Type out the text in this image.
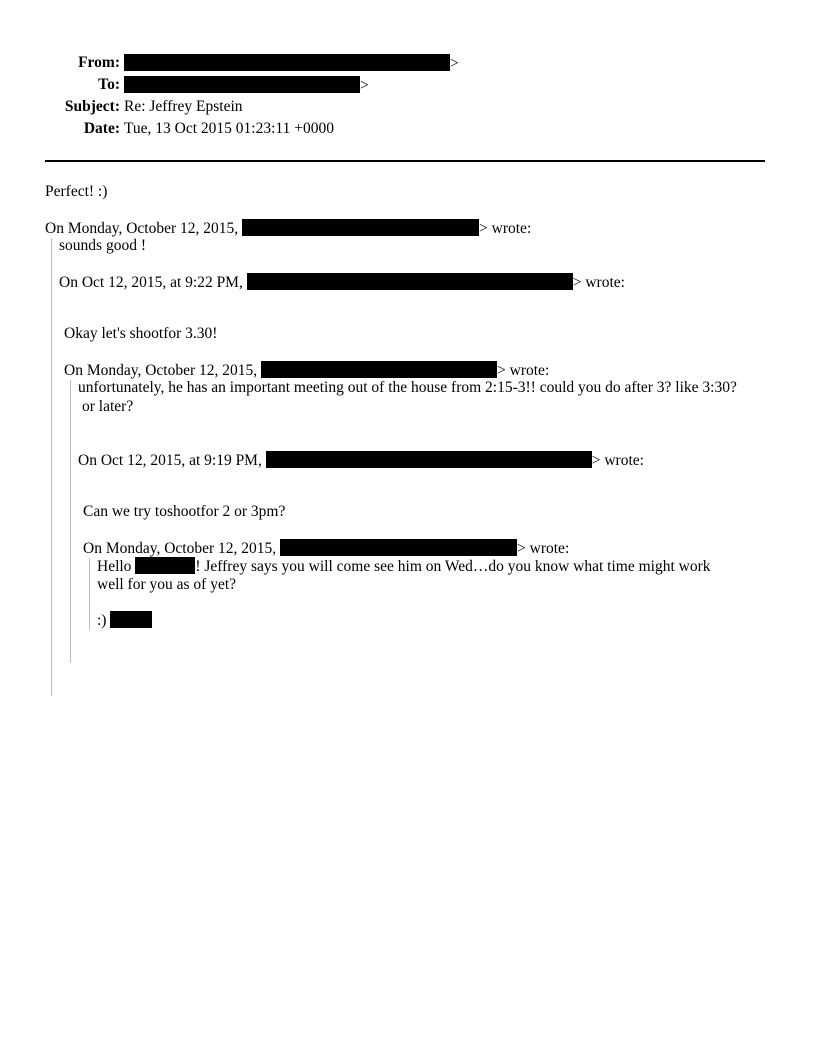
From:	>
To:	>
Subject: Re: Jeffrey Epstein
Date: Tue, 13 Oct 2015 01:23:11 +0000
Perfect! :)
On Monday, October 12, 2015,	> wrote:
sounds good !
On Oct 12, 2015, at 9:22 PM,	> wrote:
Okay let's shootfor 3.30!
On Monday, October 12, 2015,	> wrote:
unfortunately, he has an important meeting out of the house from 2:15-3!! could you do after 3? like 3:30?
or later?
On Oct 12, 2015, at 9:19 PM,	> wrote:
Can we try toshootfor 2 or 3pm?
On Monday, October 12, 2015,	> wrote:
Hello	! Jeffrey says you will come see him on Wed…do you know what time might work
well for you as of yet?
:)
